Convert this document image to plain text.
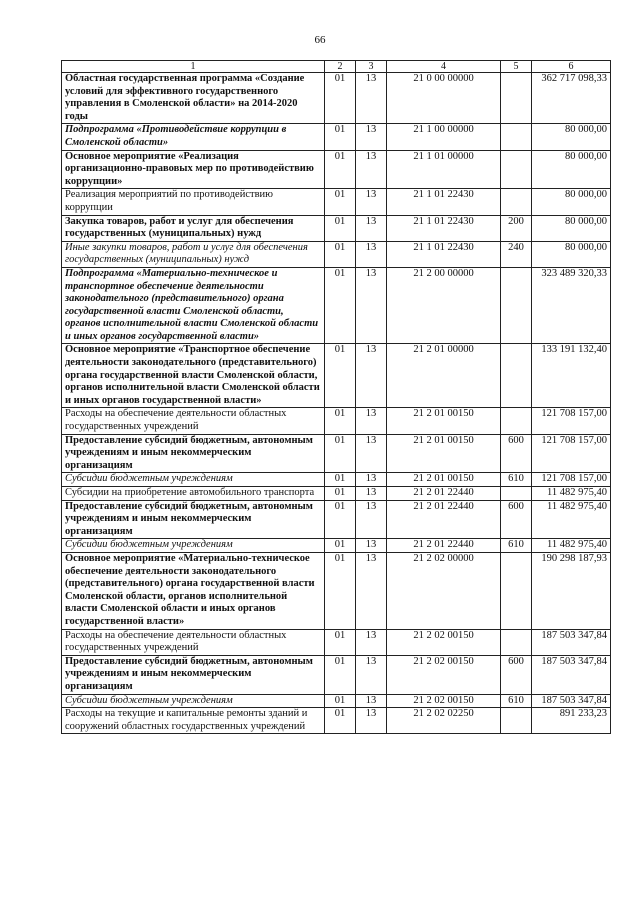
66
1	2	3	4	5	6
Областная государственная программа «Создание условий для эффективного государственного управления в Смоленской области» на 2014-2020 годы	01	13	21 0 00 00000		362 717 098,33
Подпрограмма «Противодействие коррупции в Смоленской области»	01	13	21 1 00 00000		80 000,00
Основное мероприятие «Реализация организационно-правовых мер по противодействию коррупции»	01	13	21 1 01 00000		80 000,00
Реализация мероприятий по противодействию коррупции	01	13	21 1 01 22430		80 000,00
Закупка товаров, работ и услуг для обеспечения государственных (муниципальных) нужд	01	13	21 1 01 22430	200	80 000,00
Иные закупки товаров, работ и услуг для обеспечения государственных (муниципальных) нужд	01	13	21 1 01 22430	240	80 000,00
Подпрограмма «Материально-техническое и транспортное обеспечение деятельности законодательного (представительного) органа государственной власти Смоленской области, органов исполнительной власти Смоленской области и иных органов государственной власти»	01	13	21 2 00 00000		323 489 320,33
Основное мероприятие «Транспортное обеспечение деятельности законодательного (представительного) органа государственной власти Смоленской области, органов исполнительной власти Смоленской области и иных органов государственной власти»	01	13	21 2 01 00000		133 191 132,40
Расходы на обеспечение деятельности областных государственных учреждений	01	13	21 2 01 00150		121 708 157,00
Предоставление субсидий бюджетным, автономным учреждениям и иным некоммерческим организациям	01	13	21 2 01 00150	600	121 708 157,00
Субсидии бюджетным учреждениям	01	13	21 2 01 00150	610	121 708 157,00
Субсидии на приобретение автомобильного транспорта	01	13	21 2 01 22440		11 482 975,40
Предоставление субсидий бюджетным, автономным учреждениям и иным некоммерческим организациям	01	13	21 2 01 22440	600	11 482 975,40
Субсидии бюджетным учреждениям	01	13	21 2 01 22440	610	11 482 975,40
Основное мероприятие «Материально-техническое обеспечение деятельности законодательного (представительного) органа государственной власти Смоленской области, органов исполнительной власти Смоленской области и иных органов государственной власти»	01	13	21 2 02 00000		190 298 187,93
Расходы на обеспечение деятельности областных государственных учреждений	01	13	21 2 02 00150		187 503 347,84
Предоставление субсидий бюджетным, автономным учреждениям и иным некоммерческим организациям	01	13	21 2 02 00150	600	187 503 347,84
Субсидии бюджетным учреждениям	01	13	21 2 02 00150	610	187 503 347,84
Расходы на текущие и капитальные ремонты зданий и сооружений областных государственных учреждений	01	13	21 2 02 02250		891 233,23
